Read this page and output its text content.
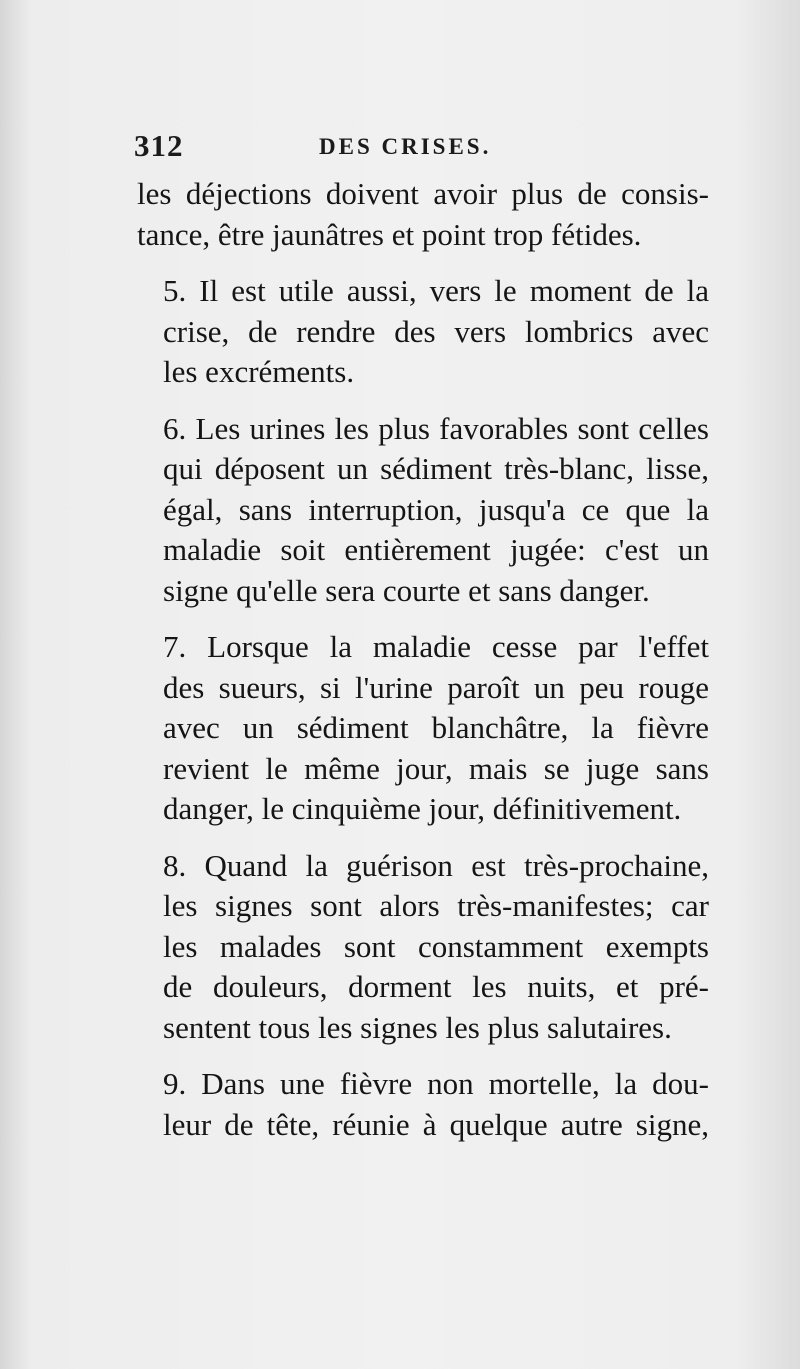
312	DES CRISES.

les déjections doivent avoir plus de consis-
tance, être jaunâtres et point trop fétides.

5. Il est utile aussi, vers le moment de la
crise, de rendre des vers lombrics avec
les excréments.

6. Les urines les plus favorables sont celles
qui déposent un sédiment très-blanc, lisse,
égal, sans interruption, jusqu'a ce que la
maladie soit entièrement jugée: c'est un
signe qu'elle sera courte et sans danger.

7. Lorsque la maladie cesse par l'effet
des sueurs, si l'urine paroît un peu rouge
avec un sédiment blanchâtre, la fièvre
revient le même jour, mais se juge sans
danger, le cinquième jour, définitivement.

8. Quand la guérison est très-prochaine,
les signes sont alors très-manifestes; car
les malades sont constamment exempts
de douleurs, dorment les nuits, et pré-
sentent tous les signes les plus salutaires.

9. Dans une fièvre non mortelle, la dou-
leur de tête, réunie à quelque autre signe,
